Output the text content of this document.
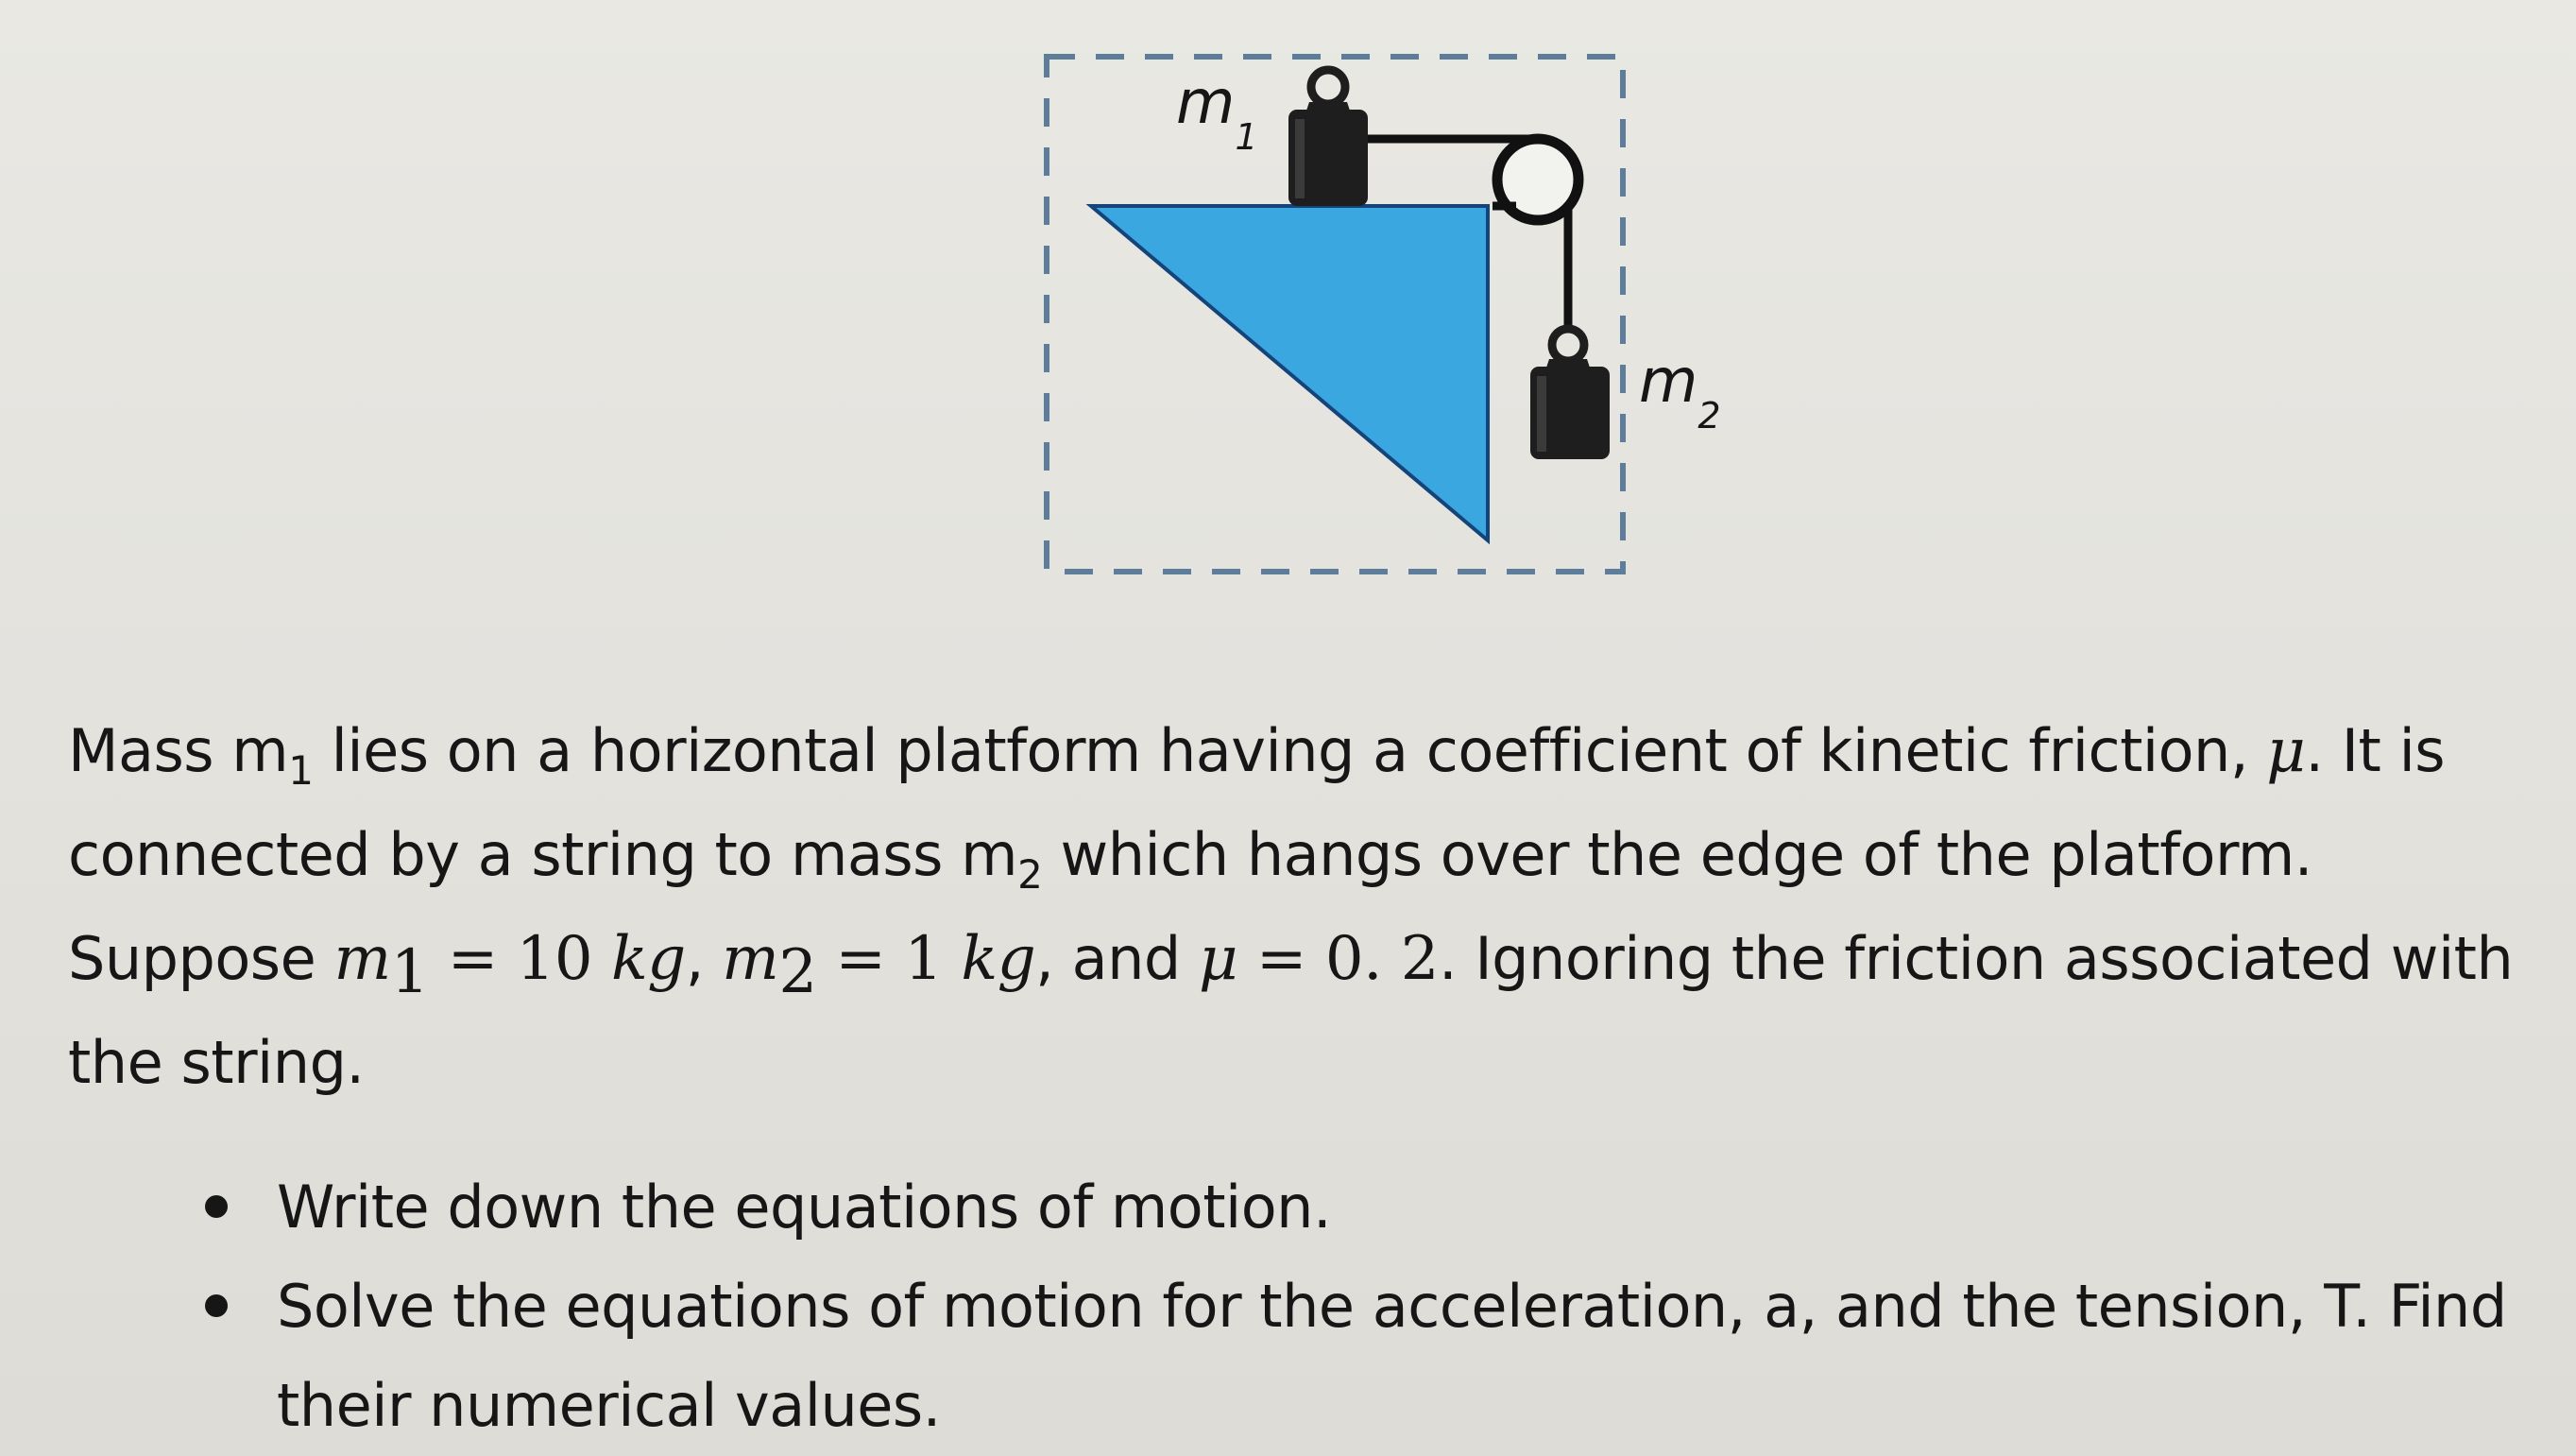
$m_1$
$m_2$
Mass $m_1$ lies on a horizontal platform having a coefficient of kinetic friction, μ. It is connected by a string to mass $m_2$ which hangs over the edge of the platform. Suppose $m_1 = 10$ kg, $m_2 = 1$ kg, and μ = 0. 2. Ignoring the friction associated with the string.
Write down the equations of motion.
Solve the equations of motion for the acceleration, a, and the tension, T. Find their numerical values.
